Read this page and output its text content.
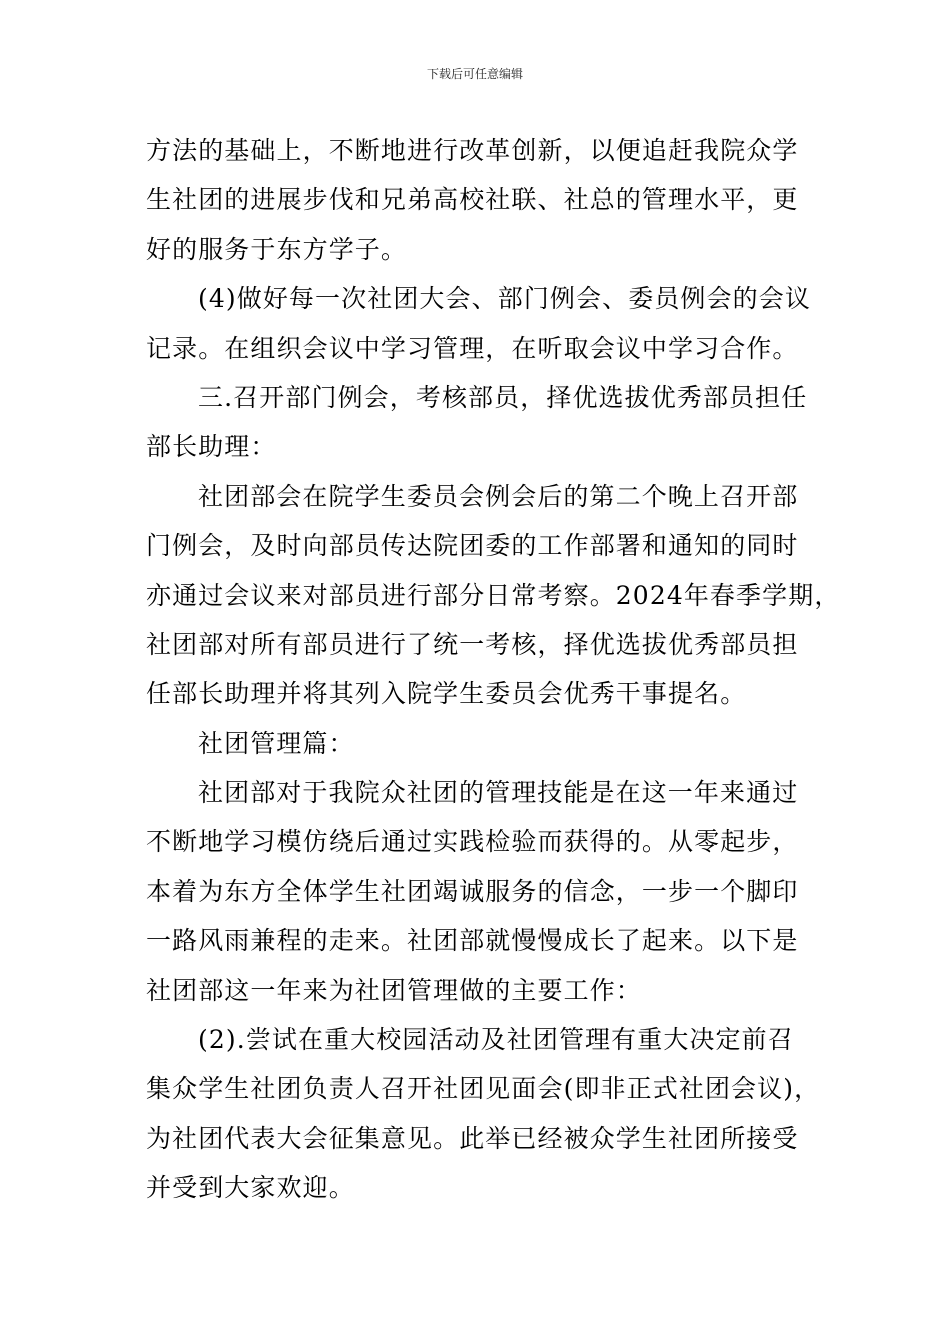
下载后可任意编辑
方法的基础上，不断地进行改革创新，以便追赶我院众学
生社团的进展步伐和兄弟高校社联、社总的管理水平，更
好的服务于东方学子。
(4)做好每一次社团大会、部门例会、委员例会的会议
记录。在组织会议中学习管理，在听取会议中学习合作。
三.召开部门例会，考核部员，择优选拔优秀部员担任
部长助理：
社团部会在院学生委员会例会后的第二个晚上召开部
门例会，及时向部员传达院团委的工作部署和通知的同时
亦通过会议来对部员进行部分日常考察。2024年春季学期，
社团部对所有部员进行了统一考核，择优选拔优秀部员担
任部长助理并将其列入院学生委员会优秀干事提名。
社团管理篇：
社团部对于我院众社团的管理技能是在这一年来通过
不断地学习模仿绕后通过实践检验而获得的。从零起步，
本着为东方全体学生社团竭诚服务的信念，一步一个脚印
一路风雨兼程的走来。社团部就慢慢成长了起来。以下是
社团部这一年来为社团管理做的主要工作：
(2).尝试在重大校园活动及社团管理有重大决定前召
集众学生社团负责人召开社团见面会(即非正式社团会议)，
为社团代表大会征集意见。此举已经被众学生社团所接受
并受到大家欢迎。
